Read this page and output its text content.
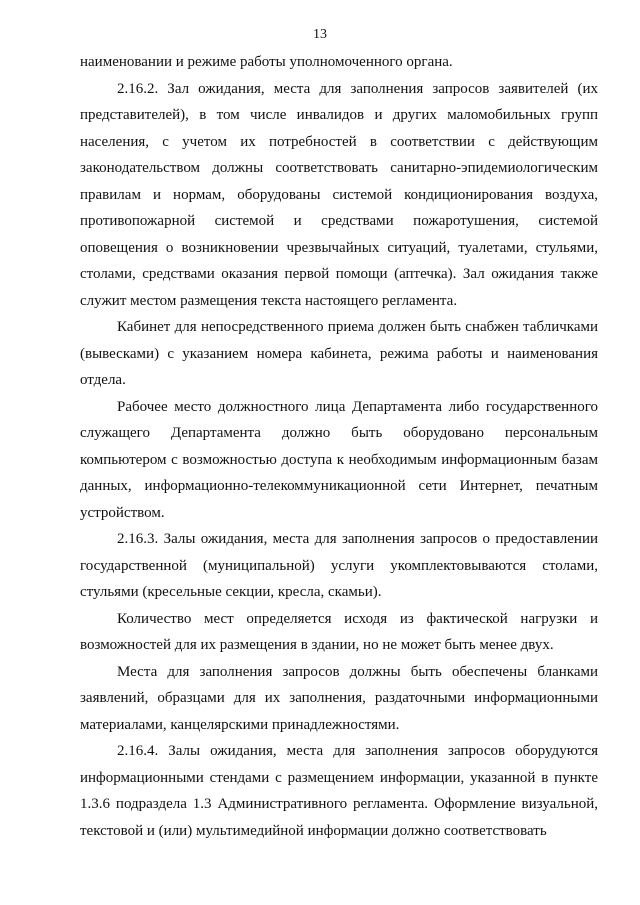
13

наименовании и режиме работы уполномоченного органа.

2.16.2. Зал ожидания, места для заполнения запросов заявителей (их представителей), в том числе инвалидов и других маломобильных групп населения, с учетом их потребностей в соответствии с действующим законодательством должны соответствовать санитарно-эпидемиологическим правилам и нормам, оборудованы системой кондиционирования воздуха, противопожарной системой и средствами пожаротушения, системой оповещения о возникновении чрезвычайных ситуаций, туалетами, стульями, столами, средствами оказания первой помощи (аптечка). Зал ожидания также служит местом размещения текста настоящего регламента.

Кабинет для непосредственного приема должен быть снабжен табличками (вывесками) с указанием номера кабинета, режима работы и наименования отдела.

Рабочее место должностного лица Департамента либо государственного служащего Департамента должно быть оборудовано персональным компьютером с возможностью доступа к необходимым информационным базам данных, информационно-телекоммуникационной сети Интернет, печатным устройством.

2.16.3. Залы ожидания, места для заполнения запросов о предоставлении государственной (муниципальной) услуги укомплектовываются столами, стульями (кресельные секции, кресла, скамьи).

Количество мест определяется исходя из фактической нагрузки и возможностей для их размещения в здании, но не может быть менее двух.

Места для заполнения запросов должны быть обеспечены бланками заявлений, образцами для их заполнения, раздаточными информационными материалами, канцелярскими принадлежностями.

2.16.4. Залы ожидания, места для заполнения запросов оборудуются информационными стендами с размещением информации, указанной в пункте 1.3.6 подраздела 1.3 Административного регламента. Оформление визуальной, текстовой и (или) мультимедийной информации должно соответствовать
